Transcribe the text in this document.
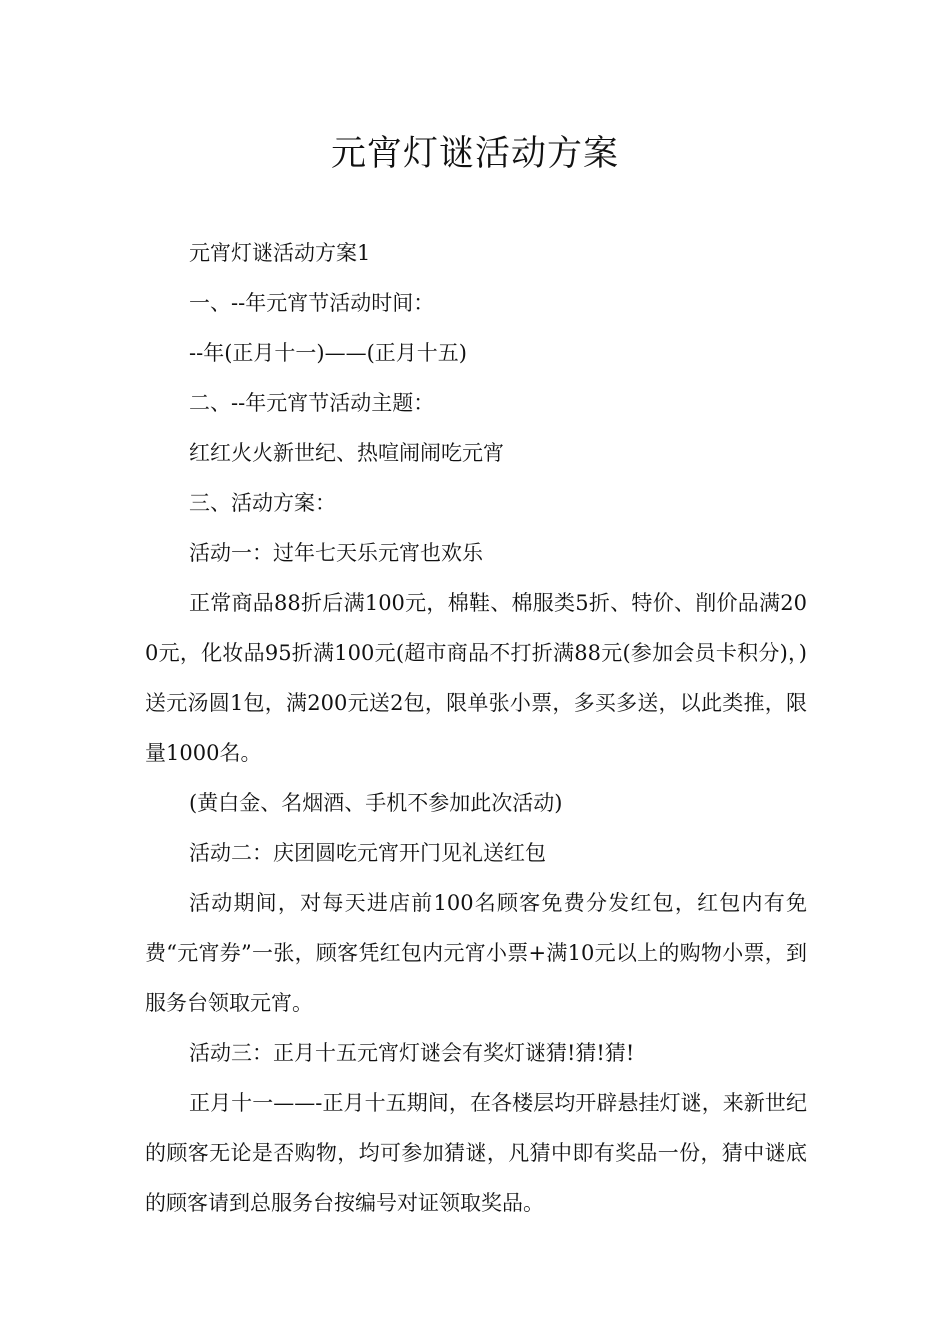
元宵灯谜活动方案

元宵灯谜活动方案1

一、--年元宵节活动时间：

--年(正月十一)——(正月十五)

二、--年元宵节活动主题：

红红火火新世纪、热喧闹闹吃元宵

三、活动方案：

活动一：过年七天乐元宵也欢乐

正常商品88折后满100元，棉鞋、棉服类5折、特价、削价品满200元，化妆品95折满100元(超市商品不打折满88元(参加会员卡积分)，)送元汤圆1包，满200元送2包，限单张小票，多买多送，以此类推，限量1000名。

(黄白金、名烟酒、手机不参加此次活动)

活动二：庆团圆吃元宵开门见礼送红包

活动期间，对每天进店前100名顾客免费分发红包，红包内有免费“元宵券”一张，顾客凭红包内元宵小票+满10元以上的购物小票，到服务台领取元宵。

活动三：正月十五元宵灯谜会有奖灯谜猜!猜!猜!

正月十一——-正月十五期间，在各楼层均开辟悬挂灯谜，来新世纪的顾客无论是否购物，均可参加猜谜，凡猜中即有奖品一份，猜中谜底的顾客请到总服务台按编号对证领取奖品。
